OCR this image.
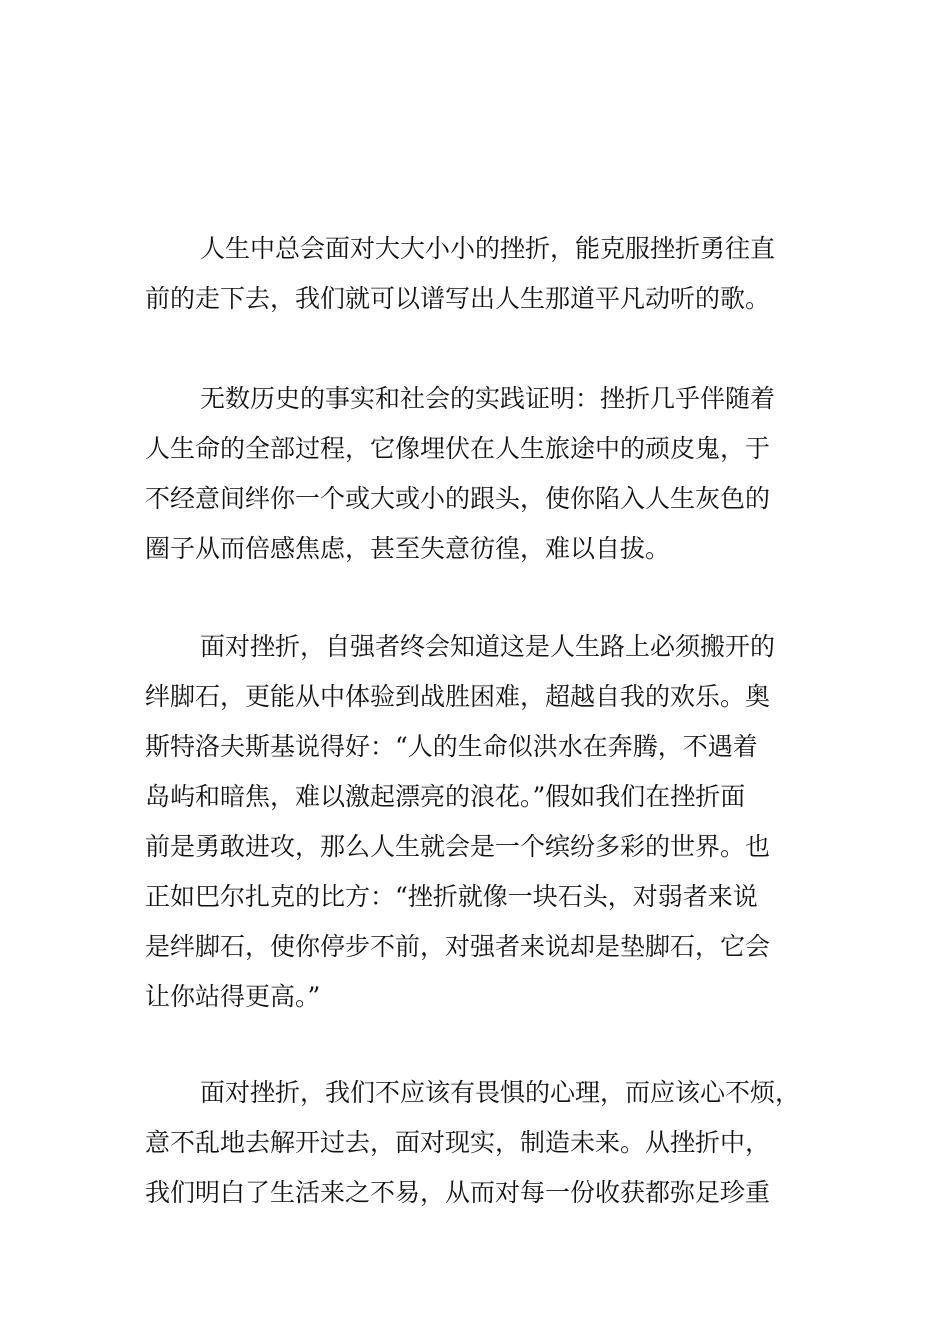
人生中总会面对大大小小的挫折，能克服挫折勇往直
前的走下去，我们就可以谱写出人生那道平凡动听的歌。
无数历史的事实和社会的实践证明：挫折几乎伴随着
人生命的全部过程，它像埋伏在人生旅途中的顽皮鬼，于
不经意间绊你一个或大或小的跟头，使你陷入人生灰色的
圈子从而倍感焦虑，甚至失意彷徨，难以自拔。
面对挫折，自强者终会知道这是人生路上必须搬开的
绊脚石，更能从中体验到战胜困难，超越自我的欢乐。奥
斯特洛夫斯基说得好：“人的生命似洪水在奔腾，不遇着
岛屿和暗焦，难以激起漂亮的浪花。”假如我们在挫折面
前是勇敢进攻，那么人生就会是一个缤纷多彩的世界。也
正如巴尔扎克的比方：“挫折就像一块石头，对弱者来说
是绊脚石，使你停步不前，对强者来说却是垫脚石，它会
让你站得更高。”
面对挫折，我们不应该有畏惧的心理，而应该心不烦，
意不乱地去解开过去，面对现实，制造未来。从挫折中，
我们明白了生活来之不易，从而对每一份收获都弥足珍重
